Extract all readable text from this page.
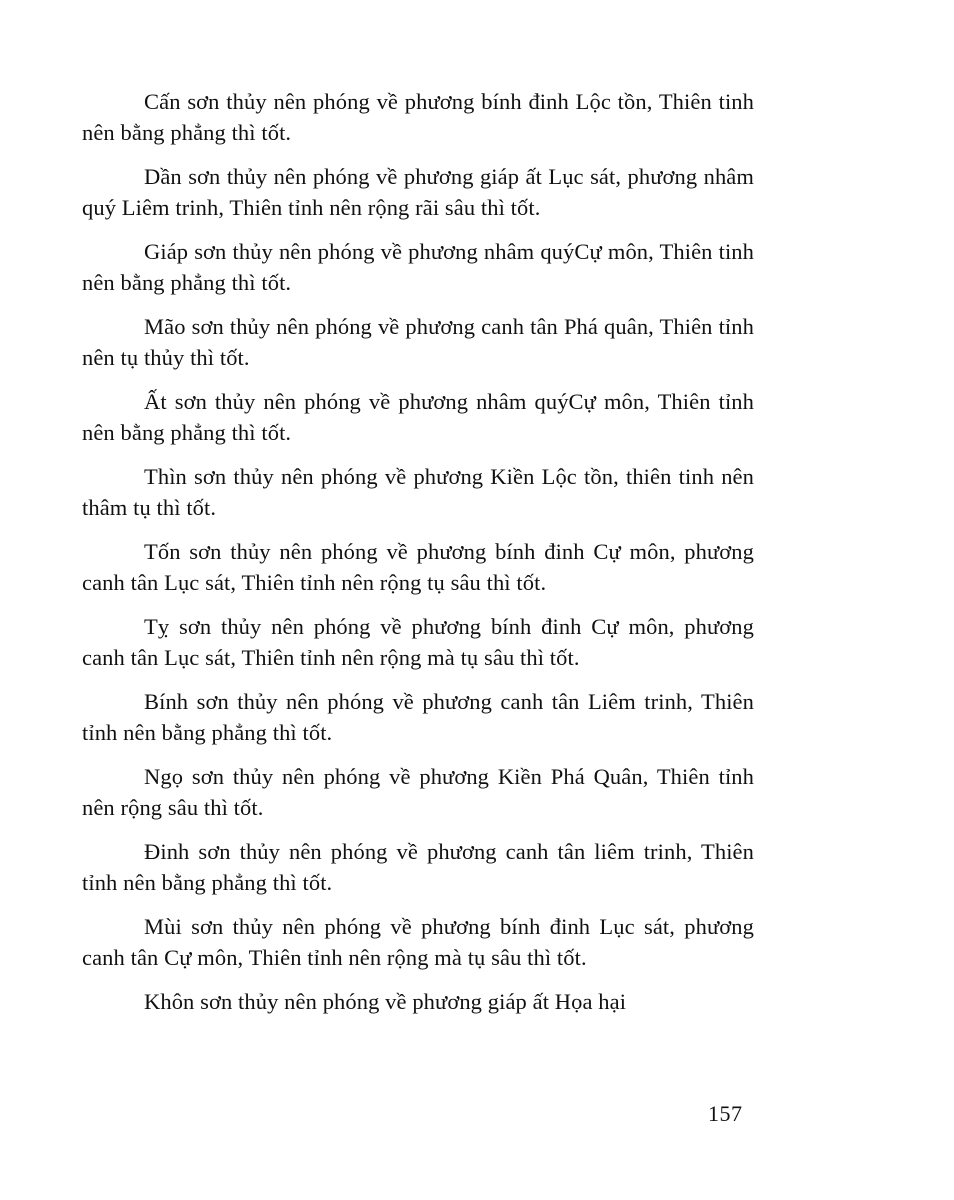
Cấn sơn thủy nên phóng về phương bính đinh Lộc tồn, Thiên tinh nên bằng phẳng thì tốt.

Dần sơn thủy nên phóng về phương giáp ất Lục sát, phương nhâm quý Liêm trinh, Thiên tỉnh nên rộng rãi sâu thì tốt.

Giáp sơn thủy nên phóng về phương nhâm quýCự môn, Thiên tinh nên bằng phẳng thì tốt.

Mão sơn thủy nên phóng về phương canh tân Phá quân, Thiên tỉnh nên tụ thủy thì tốt.

Ất sơn thủy nên phóng về phương nhâm quýCự môn, Thiên tỉnh nên bằng phẳng thì tốt.

Thìn sơn thủy nên phóng về phương Kiền Lộc tồn, thiên tinh nên thâm tụ thì tốt.

Tốn sơn thủy nên phóng về phương bính đinh Cự môn, phương canh tân Lục sát, Thiên tỉnh nên rộng tụ sâu thì tốt.

Tỵ sơn thủy nên phóng về phương bính đinh Cự môn, phương canh tân Lục sát, Thiên tỉnh nên rộng mà tụ sâu thì tốt.

Bính sơn thủy nên phóng về phương canh tân Liêm trinh, Thiên tỉnh nên bằng phẳng thì tốt.

Ngọ sơn thủy nên phóng về phương Kiền Phá Quân, Thiên tỉnh nên rộng sâu thì tốt.

Đinh sơn thủy nên phóng về phương canh tân liêm trinh, Thiên tỉnh nên bằng phẳng thì tốt.

Mùi sơn thủy nên phóng về phương bính đinh Lục sát, phương canh tân Cự môn, Thiên tỉnh nên rộng mà tụ sâu thì tốt.

Khôn sơn thủy nên phóng về phương giáp ất Họa hại

157
